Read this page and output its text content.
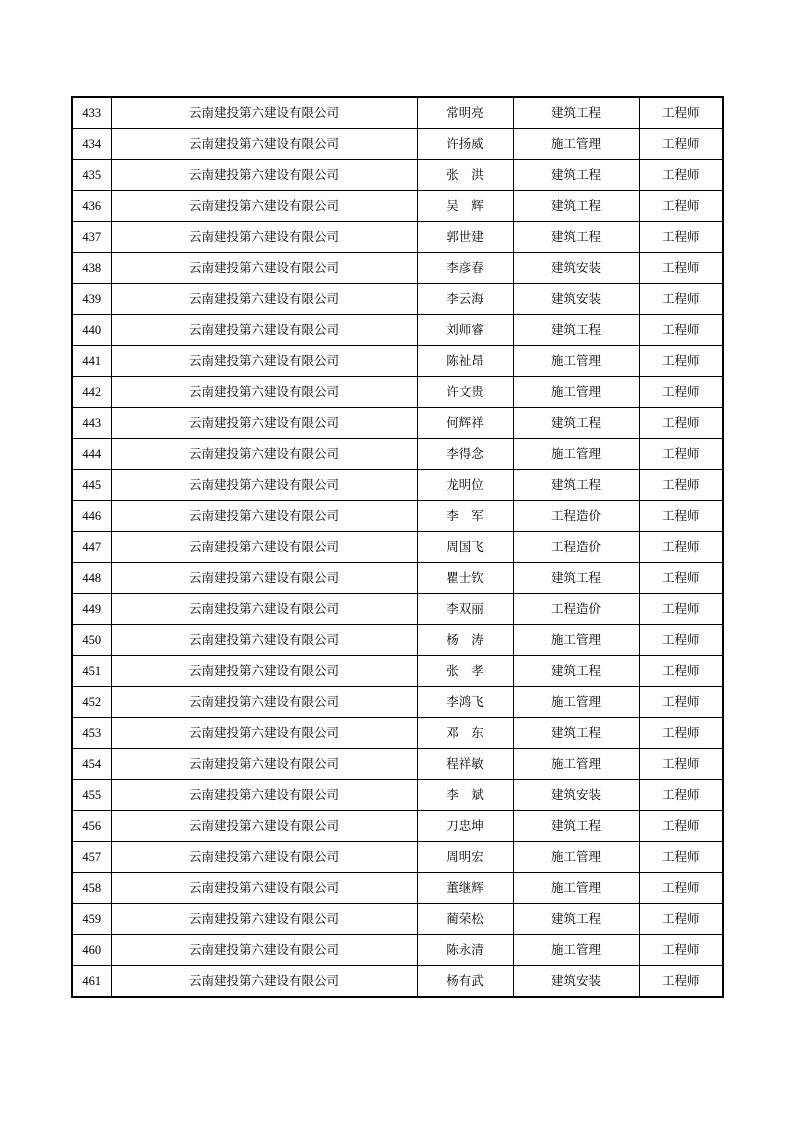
433	云南建投第六建设有限公司	常明亮	建筑工程	工程师
434	云南建投第六建设有限公司	许扬威	施工管理	工程师
435	云南建投第六建设有限公司	张　洪	建筑工程	工程师
436	云南建投第六建设有限公司	吴　辉	建筑工程	工程师
437	云南建投第六建设有限公司	郭世建	建筑工程	工程师
438	云南建投第六建设有限公司	李彦春	建筑安装	工程师
439	云南建投第六建设有限公司	李云海	建筑安装	工程师
440	云南建投第六建设有限公司	刘师睿	建筑工程	工程师
441	云南建投第六建设有限公司	陈祉昂	施工管理	工程师
442	云南建投第六建设有限公司	许文贵	施工管理	工程师
443	云南建投第六建设有限公司	何辉祥	建筑工程	工程师
444	云南建投第六建设有限公司	李得念	施工管理	工程师
445	云南建投第六建设有限公司	龙明位	建筑工程	工程师
446	云南建投第六建设有限公司	李　军	工程造价	工程师
447	云南建投第六建设有限公司	周国飞	工程造价	工程师
448	云南建投第六建设有限公司	瞿士钦	建筑工程	工程师
449	云南建投第六建设有限公司	李双丽	工程造价	工程师
450	云南建投第六建设有限公司	杨　涛	施工管理	工程师
451	云南建投第六建设有限公司	张　孝	建筑工程	工程师
452	云南建投第六建设有限公司	李鸿飞	施工管理	工程师
453	云南建投第六建设有限公司	邓　东	建筑工程	工程师
454	云南建投第六建设有限公司	程祥敏	施工管理	工程师
455	云南建投第六建设有限公司	李　斌	建筑安装	工程师
456	云南建投第六建设有限公司	刀忠坤	建筑工程	工程师
457	云南建投第六建设有限公司	周明宏	施工管理	工程师
458	云南建投第六建设有限公司	董继辉	施工管理	工程师
459	云南建投第六建设有限公司	蔺荣松	建筑工程	工程师
460	云南建投第六建设有限公司	陈永清	施工管理	工程师
461	云南建投第六建设有限公司	杨有武	建筑安装	工程师
